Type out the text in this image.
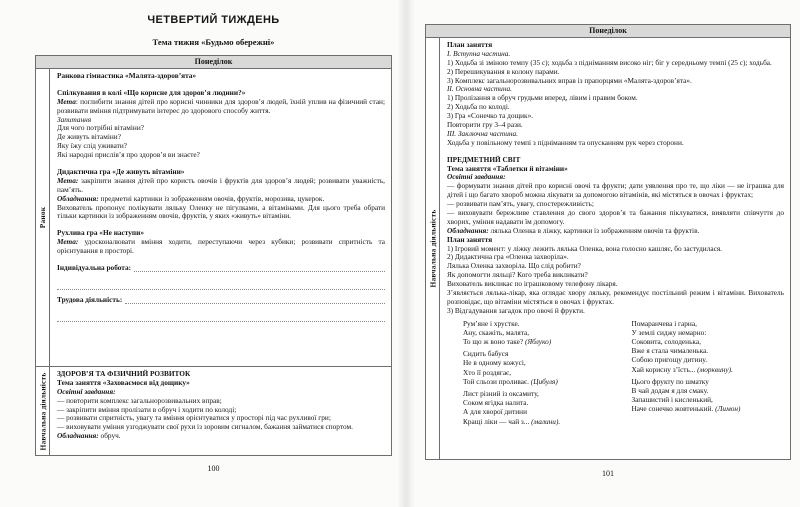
ЧЕТВЕРТИЙ ТИЖДЕНЬ
Тема тижня «Будьмо обережні»
Понеділок
Ранок
Ранкова гімнастика «Малята-здоров’ята»
Спілкування в колі «Що корисне для здоров’я людини?»
Мета: поглибити знання дітей про корисні чинники для здоров’я людей, їхній уплив на фізичний стан; розвивати вміння підтримувати інтерес до здорового способу життя.
Запитання
Для чого потрібні вітаміни?
Де живуть вітаміни?
Яку їжу слід уживати?
Які народні прислів’я про здоров’я ви знаєте?
Дидактична гра «Де живуть вітаміни»
Мета: закріпити знання дітей про користь овочів і фруктів для здоров’я людей; розвивати уважність, пам’ять.
Обладнання: предметні картинки із зображенням овочів, фруктів, морозива, цукерок.
Вихователь пропонує полікувати ляльку Оленку не пігулками, а вітамінами. Для цього треба обрати тільки картинки із зображенням овочів, фруктів, у яких «живуть» вітаміни.
Рухлива гра «Не наступи»
Мета: удосконалювати вміння ходити, переступаючи через кубики; розвивати спритність та орієнтування в просторі.
Індивідуальна робота:
Трудова діяльність:
Навчальна діяльність ЗДОРОВ’Я ТА ФІЗИЧНИЙ РОЗВИТОК
Тема заняття «Заховаємося від дощику»
Освітні завдання:
— повторити комплекс загальнорозвивальних вправ;
— закріпити вміння пролізати в обруч і ходити по колоді;
— розвивати спритність, увагу та вміння орієнтуватися у просторі під час рухливої гри;
— виховувати уміння узгоджувати свої рухи із зоровим сигналом, бажання займатися спортом.
Обладнання: обруч.
100
Понеділок
Навчальна діяльність
План заняття
І. Вступна частина.
1) Ходьба зі зміною темпу (35 с); ходьба з підніманням високо ніг; біг у середньому темпі (25 с); ходьба.
2) Перешикування в колону парами.
3) Комплекс загальнорозвивальних вправ із прапорцями «Малята-здоров’ята».
ІІ. Основна частина.
1) Пролізання в обруч грудьми вперед, лівим і правим боком.
2) Ходьба по колоді.
3) Гра «Сонечко та дощик».
Повторити гру 3–4 рази.
ІІІ. Заключна частина.
Ходьба у повільному темпі з підніманням та опусканням рук через сторони.
ПРЕДМЕТНИЙ СВІТ
Тема заняття «Таблетки й вітаміни»
Освітні завдання:
— формувати знання дітей про корисні овочі та фрукти; дати уявлення про те, що ліки — не іграшка для дітей і що багато хвороб можна лікувати за допомогою вітамінів, які містяться в овочах і фруктах;
— розвивати пам’ять, увагу, спостережливість;
— виховувати бережливе ставлення до свого здоров’я та бажання піклуватися, виявляти співчуття до хворих, уміння надавати їм допомогу.
Обладнання: лялька Оленка в ліжку, картинки із зображенням овочів та фруктів.
План заняття
1) Ігровий момент: у ліжку лежить лялька Оленка, вона голосно кашляє, бо застудилася.
2) Дидактична гра «Оленка захворіла».
Лялька Оленка захворіла. Що слід робити?
Як допомогти ляльці? Кого треба викликати?
Вихователь викликає по іграшковому телефону лікаря.
З’являється лялька-лікар, яка оглядає хвору ляльку, рекомендує постільний режим і вітаміни. Вихователь розповідає, що вітаміни містяться в овочах і фруктах.
3) Відгадування загадок про овочі й фрукти.
Рум’яне і хрустке.
Ану, скажіть, малята,
То що ж воно таке? (Яблуко)
Сидить бабуся
Не в одному кожусі,
Хто її роздягає,
Той сльози проливає. (Цибуля)
Лист різний із оксамиту,
Соком ягідка налита.
А для хворої дитини
Кращі ліки — чай з... (малини).
Помаранчева і гарна,
У землі сиджу немарно:
Соковита, солоденька,
Вже я стала чималенька.
Собою пригощу дитину.
Хай корисну з’їсть... (морквину).
Цього фрукту по шматку
В чай додам я для смаку.
Запашистий і кисленький,
Наче сонечко жовтенький. (Лимон)
101
